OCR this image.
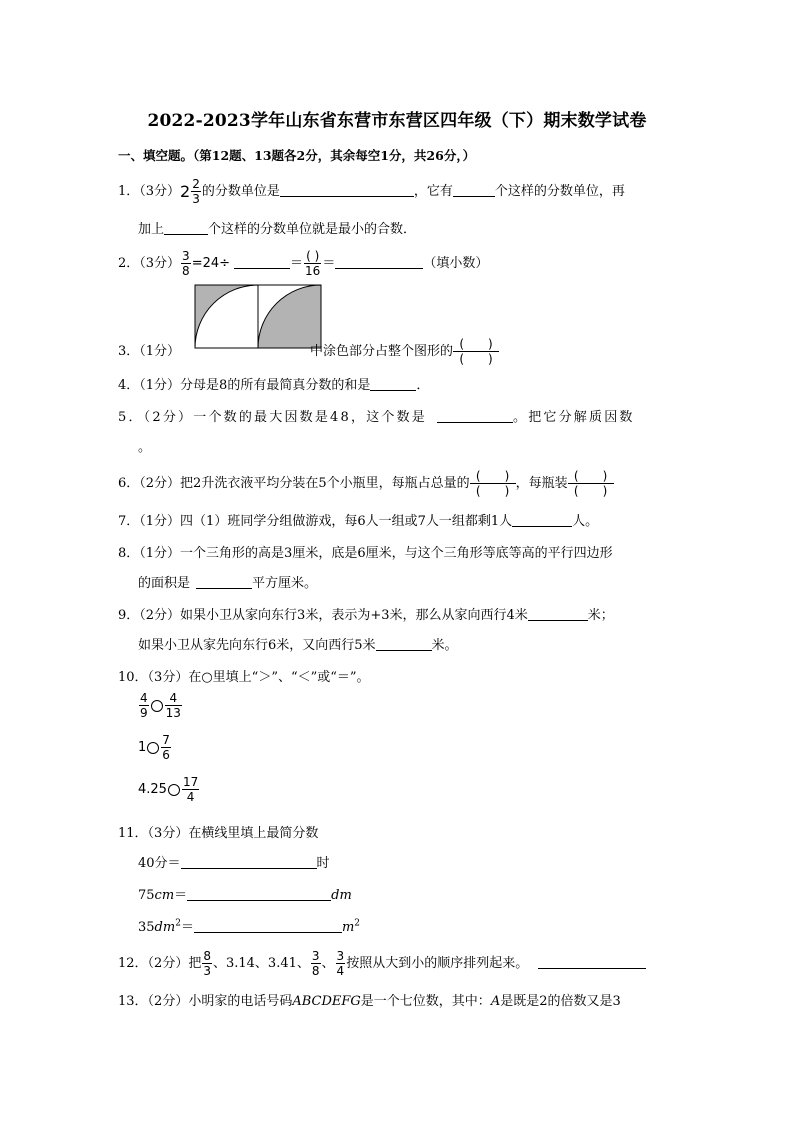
2022-2023学年山东省东营市东营区四年级（下）期末数学试卷
一、填空题。（第12题、13题各2分，其余每空1分，共26分，）
1．（3分）$2 \frac{2}{3}$ 的分数单位是	，它有	个这样的分数单位，再
加上	个这样的分数单位就是最小的合数．
2．（3分） $\frac{3}{8} =24\div$	＝ $\frac{( )}{16}$ ＝	（填小数）
3．（1分）	中涂色部分占整个图形的 (　　)
(　　)
4．（1分）分母是8的所有最简真分数的和是	．
5．（2分）一个数的最大因数是48，这个数是	。把它分解质因数
。
6．（2分）把2升洗衣液平均分装在5个小瓶里，每瓶占总量的 (　　)
(　　) ，每瓶装 (　　)
(　　)
7．（1分）四（1）班同学分组做游戏，每6人一组或7人一组都剩1人	人。
8．（1分）一个三角形的高是3厘米，底是6厘米，与这个三角形等底等高的平行四边形
的面积是	平方厘米。
9．（2分）如果小卫从家向东行3米，表示为+3米，那么从家向西行4米	米；
如果小卫从家先向东行6米，又向西行5米	米。
10．（3分）在○里填上“＞”、“＜”或“＝”。
$\frac{4}{9} \frac{4}{13}$
$1 \frac{7}{6}$
$4.25 \frac{17}{4}$
11．（3分）在横线里填上最简分数
40分＝	时
75cm＝	dm
$35dm^2=$	$m^2$
12．（2分）把 $\frac{8}{3}$ 、3.14、3.41、 $\frac{3}{8}$ 、 $\frac{3}{4}$ 按照从大到小的顺序排列起来。
13．（2分）小明家的电话号码ABCDEFG是一个七位数，其中：A是既是2的倍数又是3
